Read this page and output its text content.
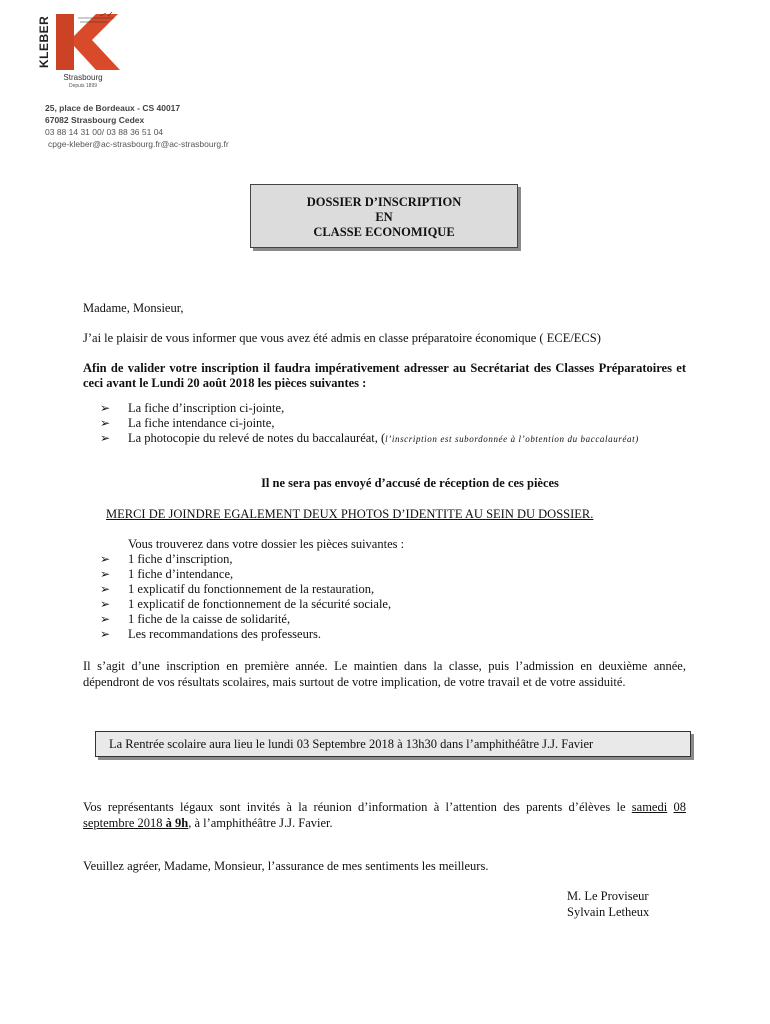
KLEBER
Strasbourg
Depuis 1899
25, place de Bordeaux - CS 40017
67082 Strasbourg Cedex
03 88 14 31 00/ 03 88 36 51 04
cpge-kleber@ac-strasbourg.fr@ac-strasbourg.fr
DOSSIER D’INSCRIPTION
EN
CLASSE ECONOMIQUE
Madame, Monsieur,
J’ai le plaisir de vous informer que vous avez été admis en classe préparatoire économique ( ECE/ECS)
Afin de valider votre inscription il faudra impérativement adresser au Secrétariat des Classes Préparatoires et ceci avant le Lundi 20 août 2018 les pièces suivantes :
➢ La fiche d’inscription ci-jointe,
➢ La fiche intendance ci-jointe,
➢	La photocopie du relevé de notes du baccalauréat, (l’inscription est subordonnée à l’obtention du baccalauréat)
Il ne sera pas envoyé d’accusé de réception de ces pièces
MERCI DE JOINDRE EGALEMENT DEUX PHOTOS D’IDENTITE AU SEIN DU DOSSIER.
Vous trouverez dans votre dossier les pièces suivantes :
➢ 1 fiche d’inscription,
➢ 1 fiche d’intendance,
➢ 1 explicatif du fonctionnement de la restauration,
➢ 1 explicatif de fonctionnement de la sécurité sociale,
➢ 1 fiche de la caisse de solidarité,
➢ Les recommandations des professeurs.
Il s’agit d’une inscription en première année. Le maintien dans la classe, puis l’admission en deuxième année, dépendront de vos résultats scolaires, mais surtout de votre implication, de votre travail et de votre assiduité.
La Rentrée scolaire aura lieu le lundi 03 Septembre 2018 à 13h30 dans l’amphithéâtre J.J. Favier
Vos représentants légaux sont invités à la réunion d’information à l’attention des parents d’élèves le samedi 08 septembre 2018 à 9h, à l’amphithéâtre J.J. Favier.
Veuillez agréer, Madame, Monsieur, l’assurance de mes sentiments les meilleurs.
M. Le Proviseur
Sylvain Letheux
